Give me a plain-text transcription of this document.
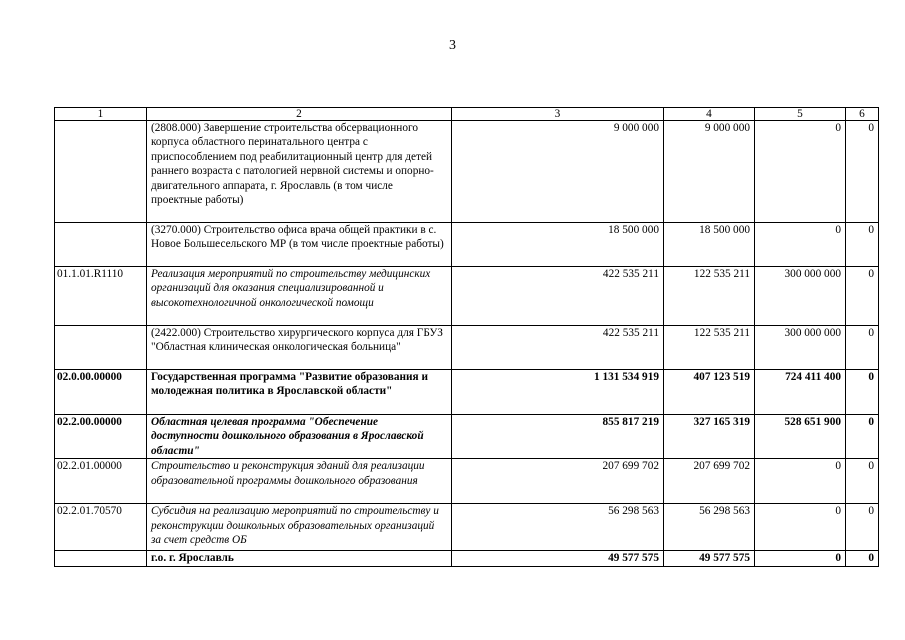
3
1	2	3	4	5	6
	(2808.000) Завершение строительства обсервационного корпуса областного перинатального центра с приспособлением под реабилитационный центр для детей раннего возраста с патологией нервной системы и опорно-двигательного аппарата, г. Ярославль (в том числе проектные работы)	9 000 000	9 000 000	0	0
	(3270.000) Строительство офиса врача общей практики в с. Новое Большесельского МР (в том числе проектные работы)	18 500 000	18 500 000	0	0
01.1.01.R1110	Реализация мероприятий по строительству медицинских организаций для оказания специализированной и высокотехнологичной онкологической помощи	422 535 211	122 535 211	300 000 000	0
	(2422.000) Строительство хирургического корпуса для ГБУЗ "Областная клиническая онкологическая больница"	422 535 211	122 535 211	300 000 000	0
02.0.00.00000	Государственная программа "Развитие образования и молодежная политика в Ярославской области"	1 131 534 919	407 123 519	724 411 400	0
02.2.00.00000	Областная целевая программа "Обеспечение доступности дошкольного образования в Ярославской области"	855 817 219	327 165 319	528 651 900	0
02.2.01.00000	Строительство и реконструкция зданий для реализации образовательной программы дошкольного образования	207 699 702	207 699 702	0	0
02.2.01.70570	Субсидия на реализацию мероприятий по строительству и реконструкции дошкольных образовательных организаций за счет средств ОБ	56 298 563	56 298 563	0	0
	г.о. г. Ярославль	49 577 575	49 577 575	0	0
